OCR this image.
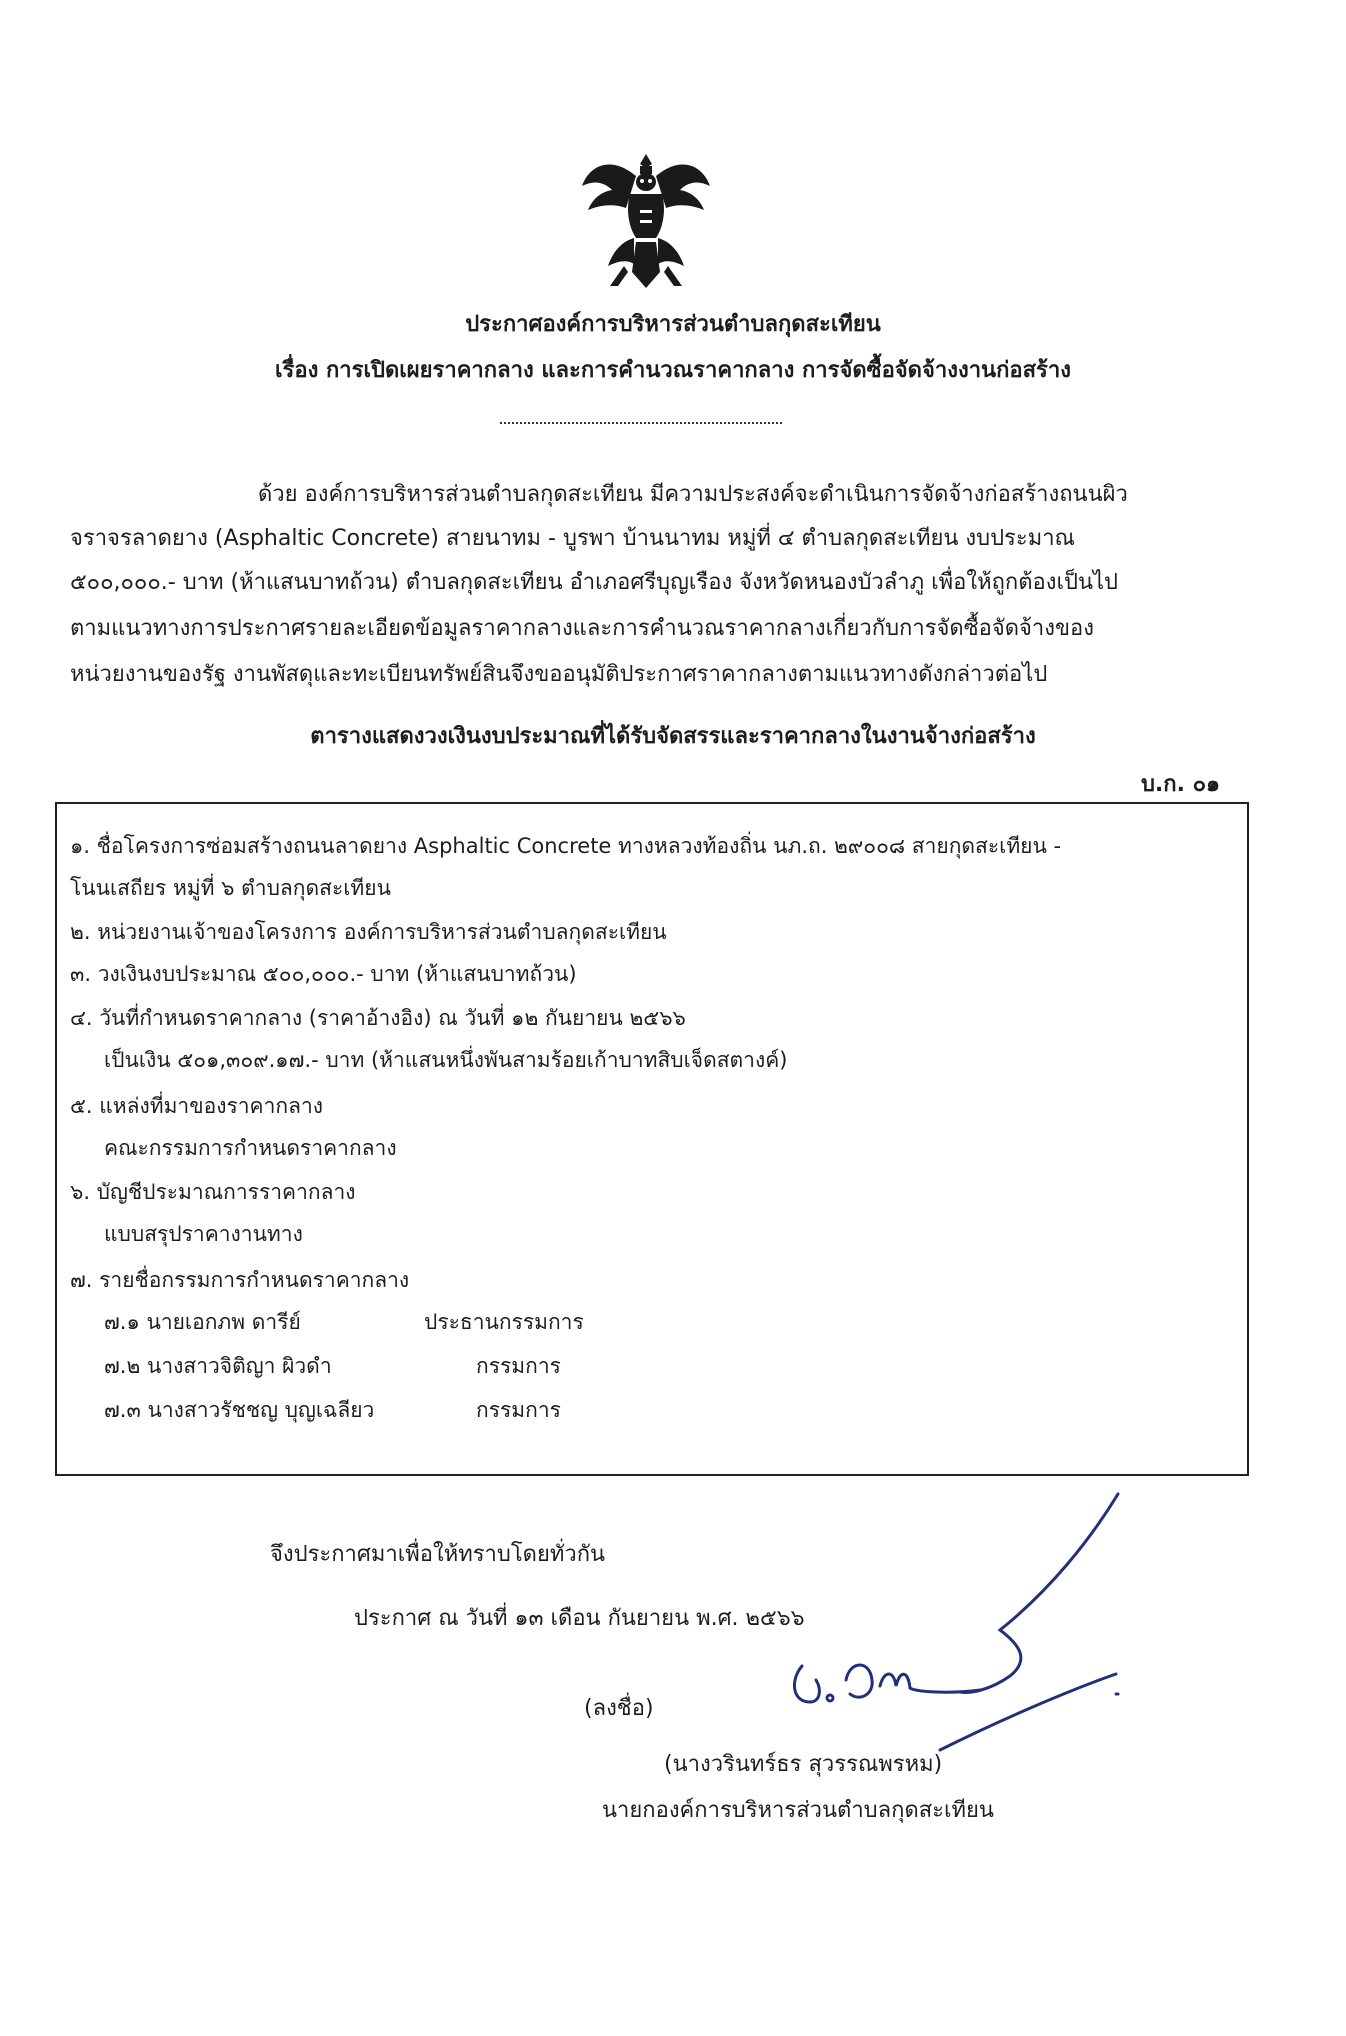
ประกาศองค์การบริหารส่วนตำบลกุดสะเทียน
เรื่อง การเปิดเผยราคากลาง และการคำนวณราคากลาง การจัดซื้อจัดจ้างงานก่อสร้าง
ด้วย องค์การบริหารส่วนตำบลกุดสะเทียน มีความประสงค์จะดำเนินการจัดจ้างก่อสร้างถนนผิว
จราจรลาดยาง (Asphaltic Concrete) สายนาทม - บูรพา บ้านนาทม หมู่ที่ ๔ ตำบลกุดสะเทียน งบประมาณ
๕๐๐,๐๐๐.- บาท (ห้าแสนบาทถ้วน) ตำบลกุดสะเทียน อำเภอศรีบุญเรือง จังหวัดหนองบัวลำภู เพื่อให้ถูกต้องเป็นไป
ตามแนวทางการประกาศรายละเอียดข้อมูลราคากลางและการคำนวณราคากลางเกี่ยวกับการจัดซื้อจัดจ้างของ
หน่วยงานของรัฐ งานพัสดุและทะเบียนทรัพย์สินจึงขออนุมัติประกาศราคากลางตามแนวทางดังกล่าวต่อไป
ตารางแสดงวงเงินงบประมาณที่ได้รับจัดสรรและราคากลางในงานจ้างก่อสร้าง
บ.ก. ๐๑
๑. ชื่อโครงการซ่อมสร้างถนนลาดยาง Asphaltic Concrete ทางหลวงท้องถิ่น นภ.ถ. ๒๙๐๐๘ สายกุดสะเทียน -
โนนเสถียร หมู่ที่ ๖ ตำบลกุดสะเทียน
๒. หน่วยงานเจ้าของโครงการ องค์การบริหารส่วนตำบลกุดสะเทียน
๓. วงเงินงบประมาณ ๕๐๐,๐๐๐.- บาท (ห้าแสนบาทถ้วน)
๔. วันที่กำหนดราคากลาง (ราคาอ้างอิง) ณ วันที่ ๑๒ กันยายน ๒๕๖๖
เป็นเงิน ๕๐๑,๓๐๙.๑๗.- บาท (ห้าแสนหนึ่งพันสามร้อยเก้าบาทสิบเจ็ดสตางค์)
๕. แหล่งที่มาของราคากลาง
คณะกรรมการกำหนดราคากลาง
๖. บัญชีประมาณการราคากลาง
แบบสรุปราคางานทาง
๗. รายชื่อกรรมการกำหนดราคากลาง
๗.๑ นายเอกภพ ดารีย์	ประธานกรรมการ
๗.๒ นางสาวจิติญา ผิวดำ	กรรมการ
๗.๓ นางสาวรัชชญ บุญเฉลียว	กรรมการ
จึงประกาศมาเพื่อให้ทราบโดยทั่วกัน
ประกาศ ณ วันที่ ๑๓ เดือน กันยายน พ.ศ. ๒๕๖๖
(ลงชื่อ)
(นางวรินทร์ธร สุวรรณพรหม)
นายกองค์การบริหารส่วนตำบลกุดสะเทียน
